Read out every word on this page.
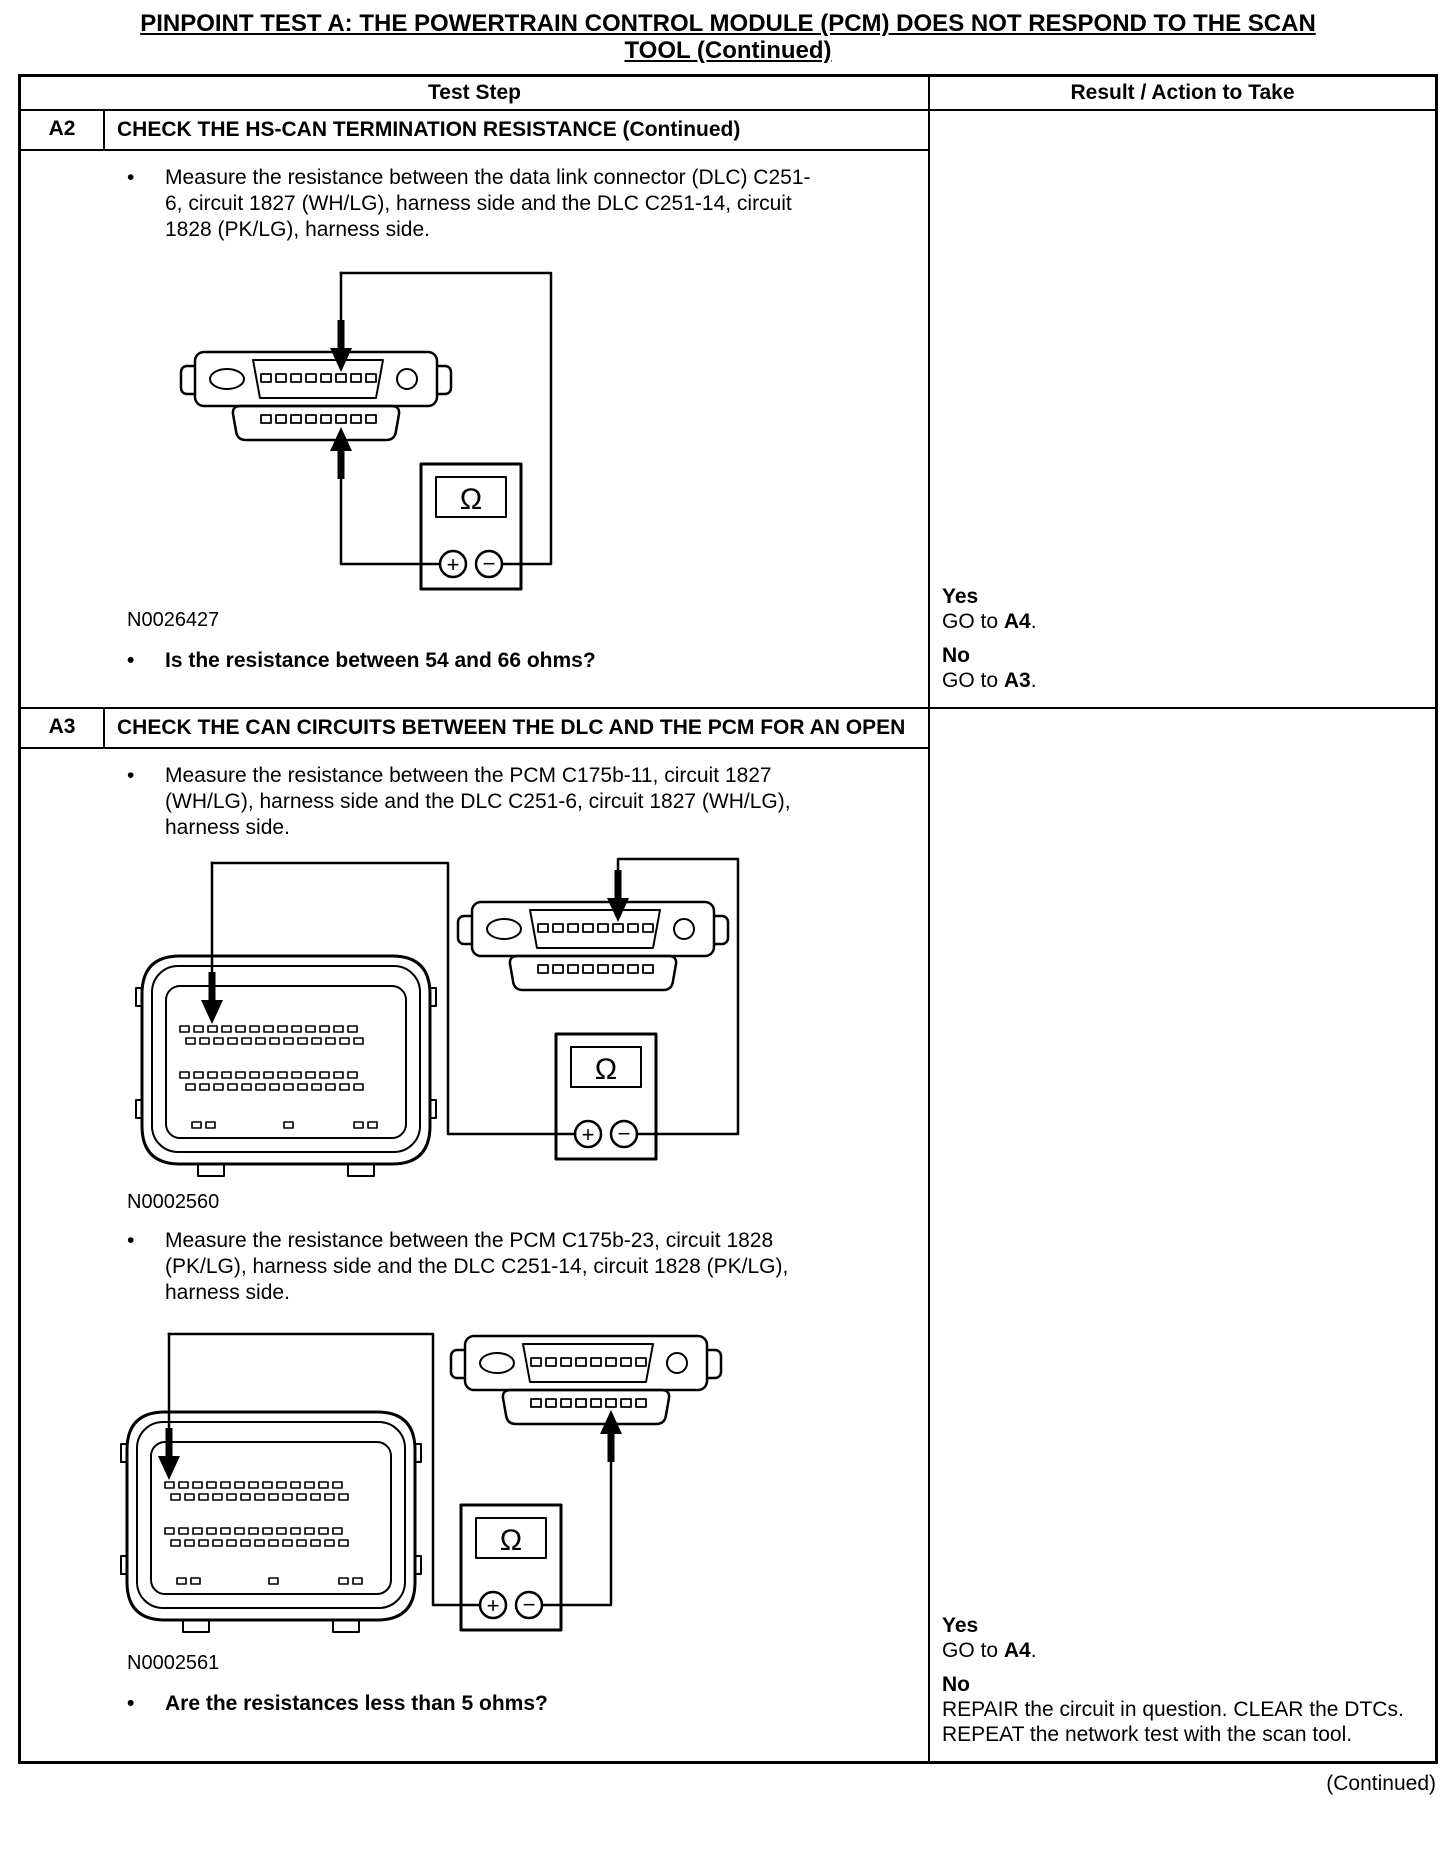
PINPOINT TEST A: THE POWERTRAIN CONTROL MODULE (PCM) DOES NOT RESPOND TO THE SCAN
TOOL (Continued)
Test Step	Result / Action to Take
A2	CHECK THE HS-CAN TERMINATION RESISTANCE (Continued)
•	Measure the resistance between the data link connector (DLC) C251-6, circuit 1827 (WH/LG), harness side and the DLC C251-14, circuit 1828 (PK/LG), harness side.
Ω
+ −
N0026427
•	Is the resistance between 54 and 66 ohms?
Yes
GO to A4.
No
GO to A3.
A3	CHECK THE CAN CIRCUITS BETWEEN THE DLC AND THE PCM FOR AN OPEN
•	Measure the resistance between the PCM C175b-11, circuit 1827 (WH/LG), harness side and the DLC C251-6, circuit 1827 (WH/LG), harness side.
Ω
+ −
N0002560
•	Measure the resistance between the PCM C175b-23, circuit 1828 (PK/LG), harness side and the DLC C251-14, circuit 1828 (PK/LG), harness side.
Ω
+ −
N0002561
•	Are the resistances less than 5 ohms?
Yes
GO to A4.
No
REPAIR the circuit in question. CLEAR the DTCs. REPEAT the network test with the scan tool.
(Continued)
